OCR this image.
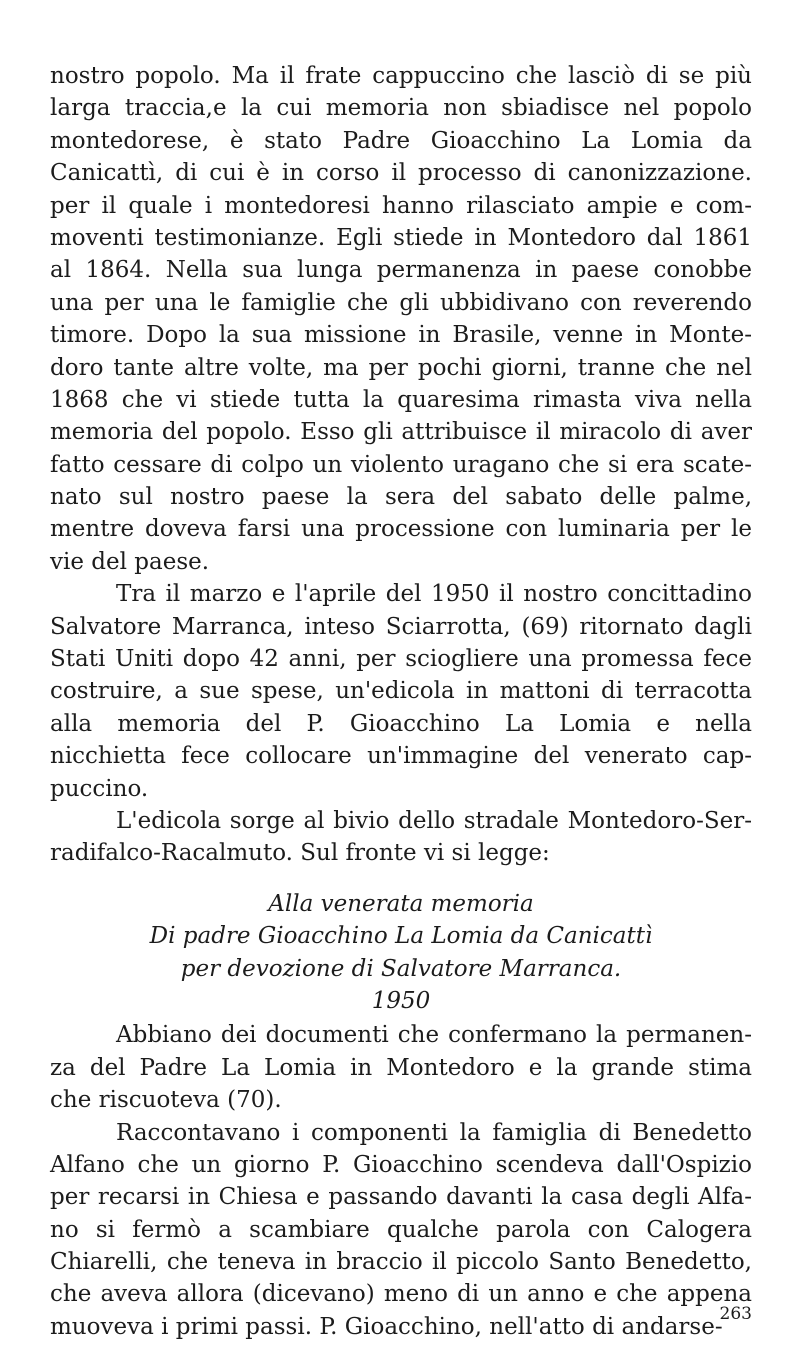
nostro popolo. Ma il frate cappuccino che lasciò di se più
larga traccia,e la cui memoria non sbiadisce nel popolo
montedorese, è stato Padre Gioacchino La Lomia da
Canicattì, di cui è in corso il processo di canonizzazione.
per il quale i montedoresi hanno rilasciato ampie e com-
moventi testimonianze. Egli stiede in Montedoro dal 1861
al 1864. Nella sua lunga permanenza in paese conobbe
una per una le famiglie che gli ubbidivano con reverendo
timore. Dopo la sua missione in Brasile, venne in Monte-
doro tante altre volte, ma per pochi giorni, tranne che nel
1868 che vi stiede tutta la quaresima rimasta viva nella
memoria del popolo. Esso gli attribuisce il miracolo di aver
fatto cessare di colpo un violento uragano che si era scate-
nato sul nostro paese la sera del sabato delle palme,
mentre doveva farsi una processione con luminaria per le
vie del paese.
Tra il marzo e l'aprile del 1950 il nostro concittadino
Salvatore Marranca, inteso Sciarrotta, (69) ritornato dagli
Stati Uniti dopo 42 anni, per sciogliere una promessa fece
costruire, a sue spese, un'edicola in mattoni di terracotta
alla memoria del P. Gioacchino La Lomia e nella
nicchietta fece collocare un'immagine del venerato cap-
puccino.
L'edicola sorge al bivio dello stradale Montedoro-Ser-
radifalco-Racalmuto. Sul fronte vi si legge:
Alla venerata memoria
Di padre Gioacchino La Lomia da Canicattì
per devozione di Salvatore Marranca.
1950
Abbiano dei documenti che confermano la permanen-
za del Padre La Lomia in Montedoro e la grande stima
che riscuoteva (70).
Raccontavano i componenti la famiglia di Benedetto
Alfano che un giorno P. Gioacchino scendeva dall'Ospizio
per recarsi in Chiesa e passando davanti la casa degli Alfa-
no si fermò a scambiare qualche parola con Calogera
Chiarelli, che teneva in braccio il piccolo Santo Benedetto,
che aveva allora (dicevano) meno di un anno e che appena
muoveva i primi passi. P. Gioacchino, nell'atto di andarse-
263
